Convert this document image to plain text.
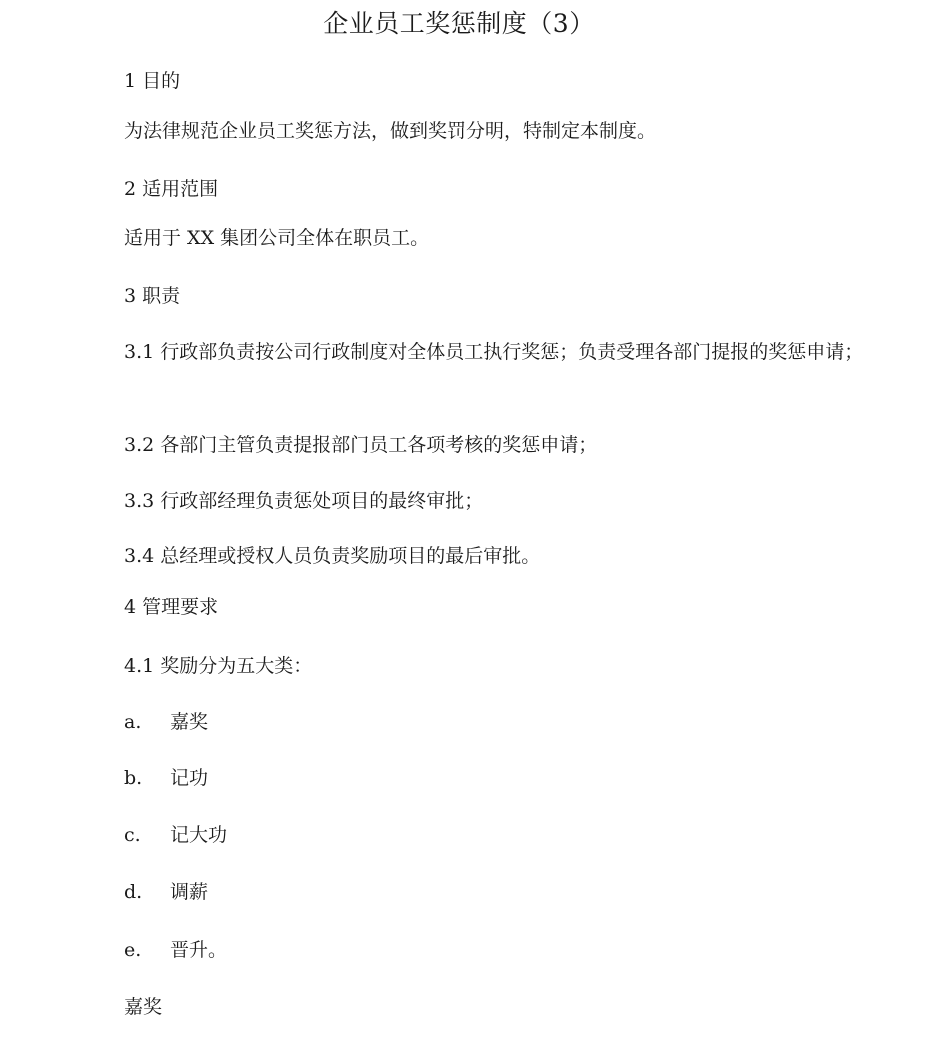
企业员工奖惩制度（3）
1 目的
为法律规范企业员工奖惩方法，做到奖罚分明，特制定本制度。
2 适用范围
适用于 XX 集团公司全体在职员工。
3 职责
3.1 行政部负责按公司行政制度对全体员工执行奖惩；负责受理各部门提报的奖惩申请；
3.2 各部门主管负责提报部门员工各项考核的奖惩申请；
3.3 行政部经理负责惩处项目的最终审批；
3.4 总经理或授权人员负责奖励项目的最后审批。
4 管理要求
4.1 奖励分为五大类：
a. 嘉奖
b. 记功
c. 记大功
d. 调薪
e. 晋升。
嘉奖
